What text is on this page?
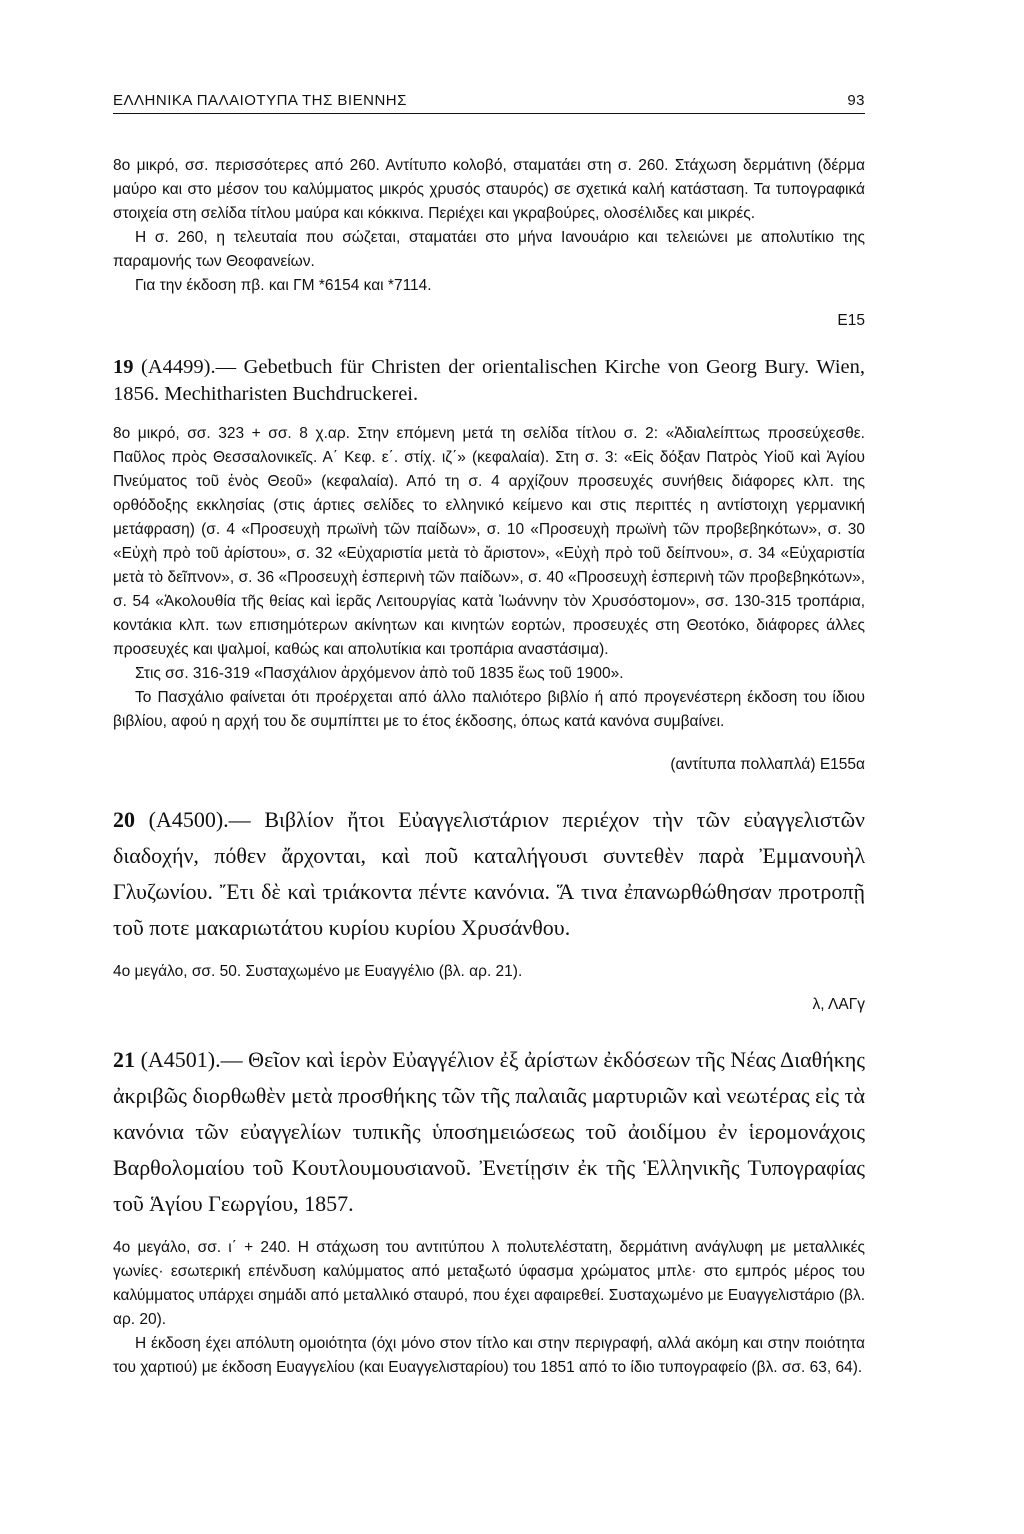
ΕΛΛΗΝΙΚΑ ΠΑΛΑΙΟΤΥΠΑ ΤΗΣ ΒΙΕΝΝΗΣ	93

8ο μικρό, σσ. περισσότερες από 260. Αντίτυπο κολοβό, σταματάει στη σ. 260. Στάχωση δερμάτινη (δέρμα μαύρο και στο μέσον του καλύμματος μικρός χρυσός σταυρός) σε σχετικά καλή κατάσταση. Τα τυπογραφικά στοιχεία στη σελίδα τίτλου μαύρα και κόκκινα. Περιέχει και γκραβούρες, ολοσέλιδες και μικρές.

Η σ. 260, η τελευταία που σώζεται, σταματάει στο μήνα Ιανουάριο και τελειώνει με απολυτίκιο της παραμονής των Θεοφανείων.

Για την έκδοση πβ. και ΓΜ *6154 και *7114.

Ε15
19 (Α4499).— Gebetbuch für Christen der orientalischen Kirche von Georg Bury. Wien, 1856. Mechitharisten Buchdruckerei.

8ο μικρό, σσ. 323 + σσ. 8 χ.αρ. Στην επόμενη μετά τη σελίδα τίτλου σ. 2: «Ἀδιαλείπτως προσεύχεσθε. Παῦλος πρὸς Θεσσαλονικεῖς. Α΄ Κεφ. ε΄. στίχ. ιζ΄» (κεφαλαία). Στη σ. 3: «Εἰς δόξαν Πατρὸς Υἱοῦ καὶ Ἁγίου Πνεύματος τοῦ ἑνὸς Θεοῦ» (κεφαλαία). Από τη σ. 4 αρχίζουν προσευχές συνήθεις διάφορες κλπ. της ορθόδοξης εκκλησίας (στις άρτιες σελίδες το ελληνικό κείμενο και στις περιττές η αντίστοιχη γερμανική μετάφραση) (σ. 4 «Προσευχὴ πρωϊνὴ τῶν παίδων», σ. 10 «Προσευχὴ πρωϊνὴ τῶν προβεβηκότων», σ. 30 «Εὐχὴ πρὸ τοῦ ἀρίστου», σ. 32 «Εὐχαριστία μετὰ τὸ ἄριστον», «Εὐχὴ πρὸ τοῦ δείπνου», σ. 34 «Εὐχαριστία μετὰ τὸ δεῖπνον», σ. 36 «Προσευχὴ ἑσπερινὴ τῶν παίδων», σ. 40 «Προσευχὴ ἑσπερινὴ τῶν προβεβηκότων», σ. 54 «Ἀκολουθία τῆς θείας καὶ ἱερᾶς Λειτουργίας κατὰ Ἰωάννην τὸν Χρυσόστομον», σσ. 130-315 τροπάρια, κοντάκια κλπ. των επισημότερων ακίνητων και κινητών εορτών, προσευχές στη Θεοτόκο, διάφορες άλλες προσευχές και ψαλμοί, καθώς και απολυτίκια και τροπάρια αναστάσιμα).

Στις σσ. 316-319 «Πασχάλιον ἀρχόμενον ἀπὸ τοῦ 1835 ἕως τοῦ 1900».

Το Πασχάλιο φαίνεται ότι προέρχεται από άλλο παλιότερο βιβλίο ή από προγενέστερη έκδοση του ίδιου βιβλίου, αφού η αρχή του δε συμπίπτει με το έτος έκδοσης, όπως κατά κανόνα συμβαίνει.

(αντίτυπα πολλαπλά) Ε155α
20 (Α4500).— Βιβλίον ἤτοι Εὐαγγελιστάριον περιέχον τὴν τῶν εὐαγγελιστῶν διαδοχήν, πόθεν ἄρχονται, καὶ ποῦ καταλήγουσι συντεθὲν παρὰ Ἐμμανουὴλ Γλυζωνίου. Ἔτι δὲ καὶ τριάκοντα πέντε κανόνια. Ἅ τινα ἐπανωρθώθησαν προτροπῇ τοῦ ποτε μακαριωτάτου κυρίου κυρίου Χρυσάνθου.

4ο μεγάλο, σσ. 50. Συσταχωμένο με Ευαγγέλιο (βλ. αρ. 21).

λ, ΛΑΓγ
21 (Α4501).— Θεῖον καὶ ἱερὸν Εὐαγγέλιον ἐξ ἀρίστων ἐκδόσεων τῆς Νέας Διαθήκης ἀκριβῶς διορθωθὲν μετὰ προσθήκης τῶν τῆς παλαιᾶς μαρτυριῶν καὶ νεωτέρας εἰς τὰ κανόνια τῶν εὐαγγελίων τυπικῆς ὑποσημειώσεως τοῦ ἀοιδίμου ἐν ἱερομονάχοις Βαρθολομαίου τοῦ Κουτλουμουσιανοῦ. Ἐνετίῃσιν ἐκ τῆς Ἑλληνικῆς Τυπογραφίας τοῦ Ἁγίου Γεωργίου, 1857.

4ο μεγάλο, σσ. ι΄ + 240. Η στάχωση του αντιτύπου λ πολυτελέστατη, δερμάτινη ανάγλυφη με μεταλλικές γωνίες· εσωτερική επένδυση καλύμματος από μεταξωτό ύφασμα χρώματος μπλε· στο εμπρός μέρος του καλύμματος υπάρχει σημάδι από μεταλλικό σταυρό, που έχει αφαιρεθεί. Συσταχωμένο με Ευαγγελιστάριο (βλ. αρ. 20).

Η έκδοση έχει απόλυτη ομοιότητα (όχι μόνο στον τίτλο και στην περιγραφή, αλλά ακόμη και στην ποιότητα του χαρτιού) με έκδοση Ευαγγελίου (και Ευαγγελισταρίου) του 1851 από το ίδιο τυπογραφείο (βλ. σσ. 63, 64).
